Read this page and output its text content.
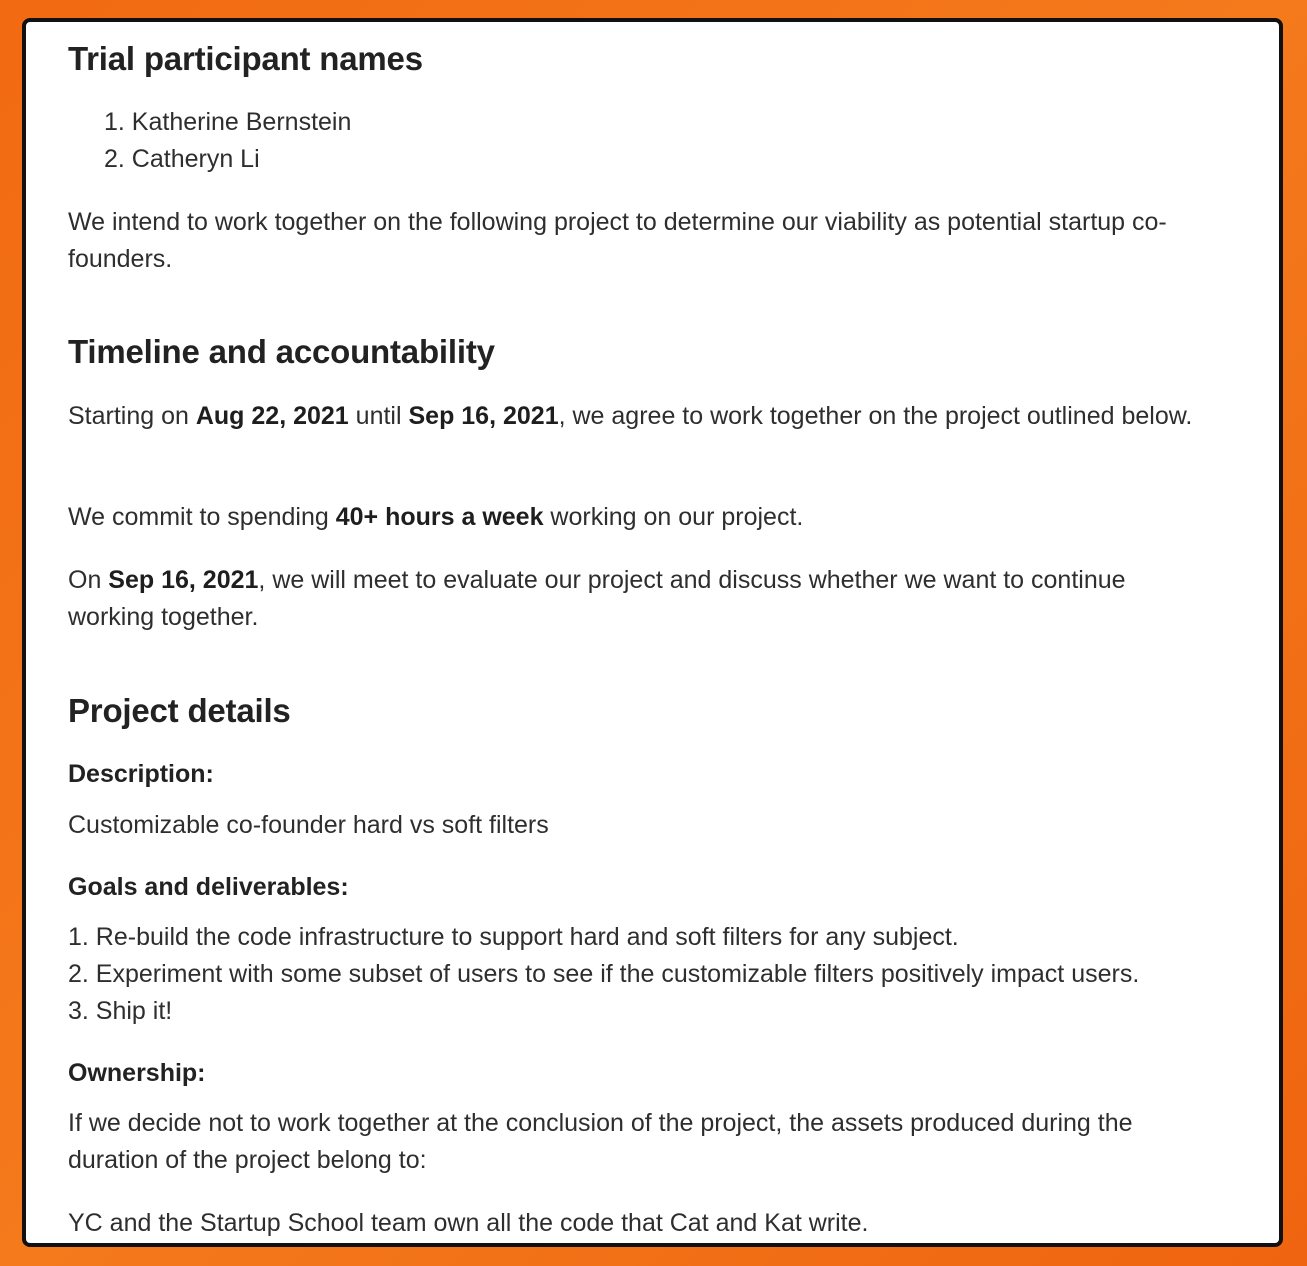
Trial participant names
1. Katherine Bernstein
2. Catheryn Li

We intend to work together on the following project to determine our viability as potential startup co-founders.

Timeline and accountability

Starting on Aug 22, 2021 until Sep 16, 2021, we agree to work together on the project outlined below.

We commit to spending 40+ hours a week working on our project.

On Sep 16, 2021, we will meet to evaluate our project and discuss whether we want to continue working together.

Project details
Description:

Customizable co-founder hard vs soft filters

Goals and deliverables:
1. Re-build the code infrastructure to support hard and soft filters for any subject.
2. Experiment with some subset of users to see if the customizable filters positively impact users.
3. Ship it!
Ownership:

If we decide not to work together at the conclusion of the project, the assets produced during the duration of the project belong to:

YC and the Startup School team own all the code that Cat and Kat write.
